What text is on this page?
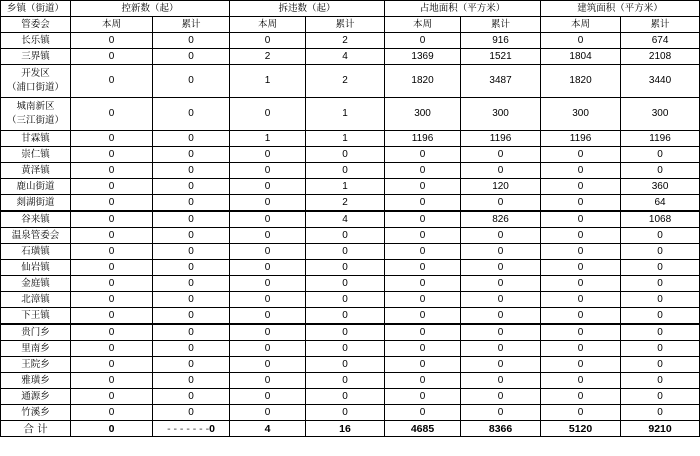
乡镇（街道）	控新数（起）		拆违数（起）		占地面积（平方米）		建筑面积（平方米）	
管委会	本周	累计	本周	累计	本周	累计	本周	累计
长乐镇	0	0	0	2	0	916	0	674
三界镇	0	0	2	4	1369	1521	1804	2108
开发区
（浦口街道）	0	0	1	2	1820	3487	1820	3440
城南新区
（三江街道）	0	0	0	1	300	300	300	300
甘霖镇	0	0	1	1	1196	1196	1196	1196
崇仁镇	0	0	0	0	0	0	0	0
黄泽镇	0	0	0	0	0	0	0	0
鹿山街道	0	0	0	1	0	120	0	360
剡湖街道	0	0	0	2	0	0	0	64
谷来镇	0	0	0	4	0	826	0	1068
温泉管委会	0	0	0	0	0	0	0	0
石璜镇	0	0	0	0	0	0	0	0
仙岩镇	0	0	0	0	0	0	0	0
金庭镇	0	0	0	0	0	0	0	0
北漳镇	0	0	0	0	0	0	0	0
下王镇	0	0	0	0	0	0	0	0
贵门乡	0	0	0	0	0	0	0	0
里南乡	0	0	0	0	0	0	0	0
王院乡	0	0	0	0	0	0	0	0
雅璜乡	0	0	0	0	0	0	0	0
通源乡	0	0	0	0	0	0	0	0
竹溪乡	0	0	0	0	0	0	0	0
合 计	0	- - - - - - -0	4	16	4685	8366	5120	9210
